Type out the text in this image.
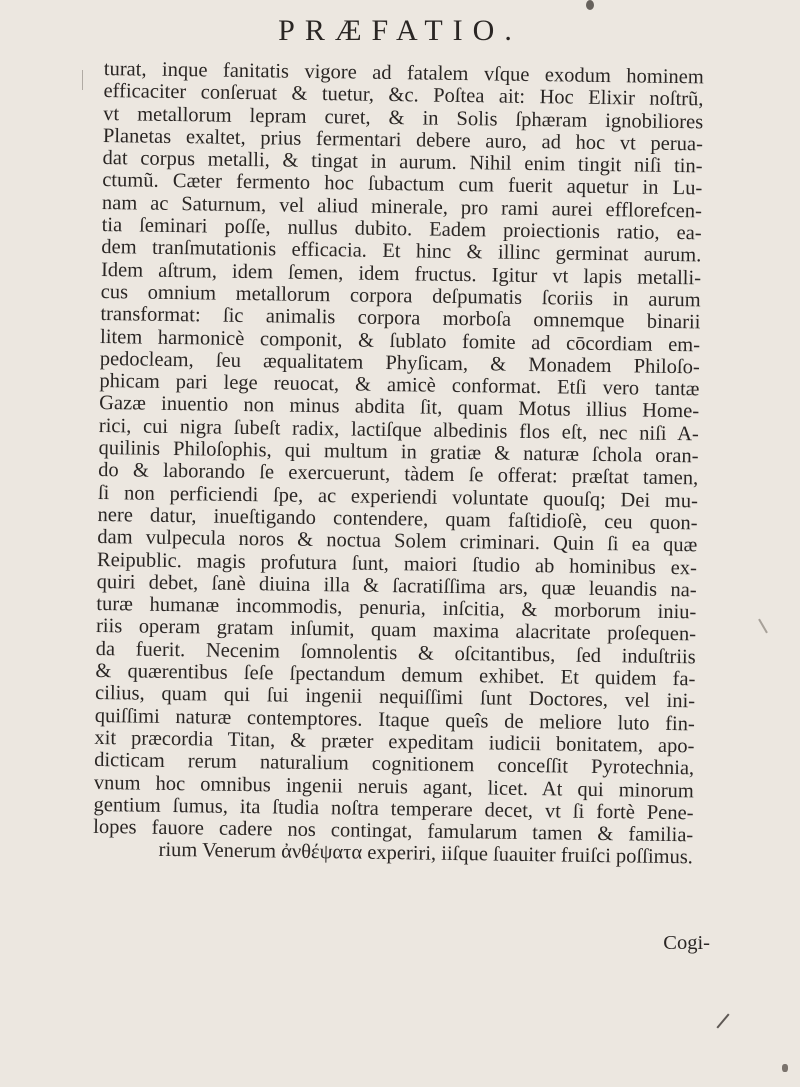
PRÆFATIO.
turat, inque fanitatis vigore ad fatalem vſque exodum hominem
efficaciter conſeruat & tuetur, &c. Poſtea ait: Hoc Elixir noſtrũ,
vt metallorum lepram curet, & in Solis ſphæram ignobiliores
Planetas exaltet, prius fermentari debere auro, ad hoc vt perua-
dat corpus metalli, & tingat in aurum. Nihil enim tingit niſi tin-
ctumũ. Cæter fermento hoc ſubactum cum fuerit aquetur in Lu-
nam ac Saturnum, vel aliud minerale, pro rami aurei efflorefcen-
tia ſeminari poſſe, nullus dubito. Eadem proiectionis ratio, ea-
dem tranſmutationis efficacia. Et hinc & illinc germinat aurum.
Idem aſtrum, idem ſemen, idem fructus. Igitur vt lapis metalli-
cus omnium metallorum corpora deſpumatis ſcoriis in aurum
transformat: ſic animalis corpora morboſa omnemque binarii
litem harmonicè componit, & ſublato fomite ad cōcordiam em-
pedocleam, ſeu æqualitatem Phyſicam, & Monadem Philoſo-
phicam pari lege reuocat, & amicè conformat. Etſi vero tantæ
Gazæ inuentio non minus abdita ſit, quam Motus illius Home-
rici, cui nigra ſubeſt radix, lactiſque albedinis flos eſt, nec niſi A-
quilinis Philoſophis, qui multum in gratiæ & naturæ ſchola oran-
do & laborando ſe exercuerunt, tàdem ſe offerat: præſtat tamen,
ſi non perficiendi ſpe, ac experiendi voluntate quouſq; Dei mu-
nere datur, inueſtigando contendere, quam faſtidioſè, ceu quon-
dam vulpecula noros & noctua Solem criminari. Quin ſi ea quæ
Reipublic. magis profutura ſunt, maiori ſtudio ab hominibus ex-
quiri debet, ſanè diuina illa & ſacratiſſima ars, quæ leuandis na-
turæ humanæ incommodis, penuria, inſcitia, & morborum iniu-
riis operam gratam inſumit, quam maxima alacritate proſequen-
da fuerit. Necenim ſomnolentis & oſcitantibus, ſed induſtriis
& quærentibus ſeſe ſpectandum demum exhibet. Et quidem fa-
cilius, quam qui ſui ingenii nequiſſimi ſunt Doctores, vel ini-
quiſſimi naturæ contemptores. Itaque queîs de meliore luto fin-
xit præcordia Titan, & præter expeditam iudicii bonitatem, apo-
dicticam rerum naturalium cognitionem conceſſit Pyrotechnia,
vnum hoc omnibus ingenii neruis agant, licet. At qui minorum
gentium ſumus, ita ſtudia noſtra temperare decet, vt ſi fortè Pene-
lopes fauore cadere nos contingat, famularum tamen & familia-
rium Venerum ἀνθέψατα experiri, iiſque ſuauiter fruiſci poſſimus.
Cogi-
